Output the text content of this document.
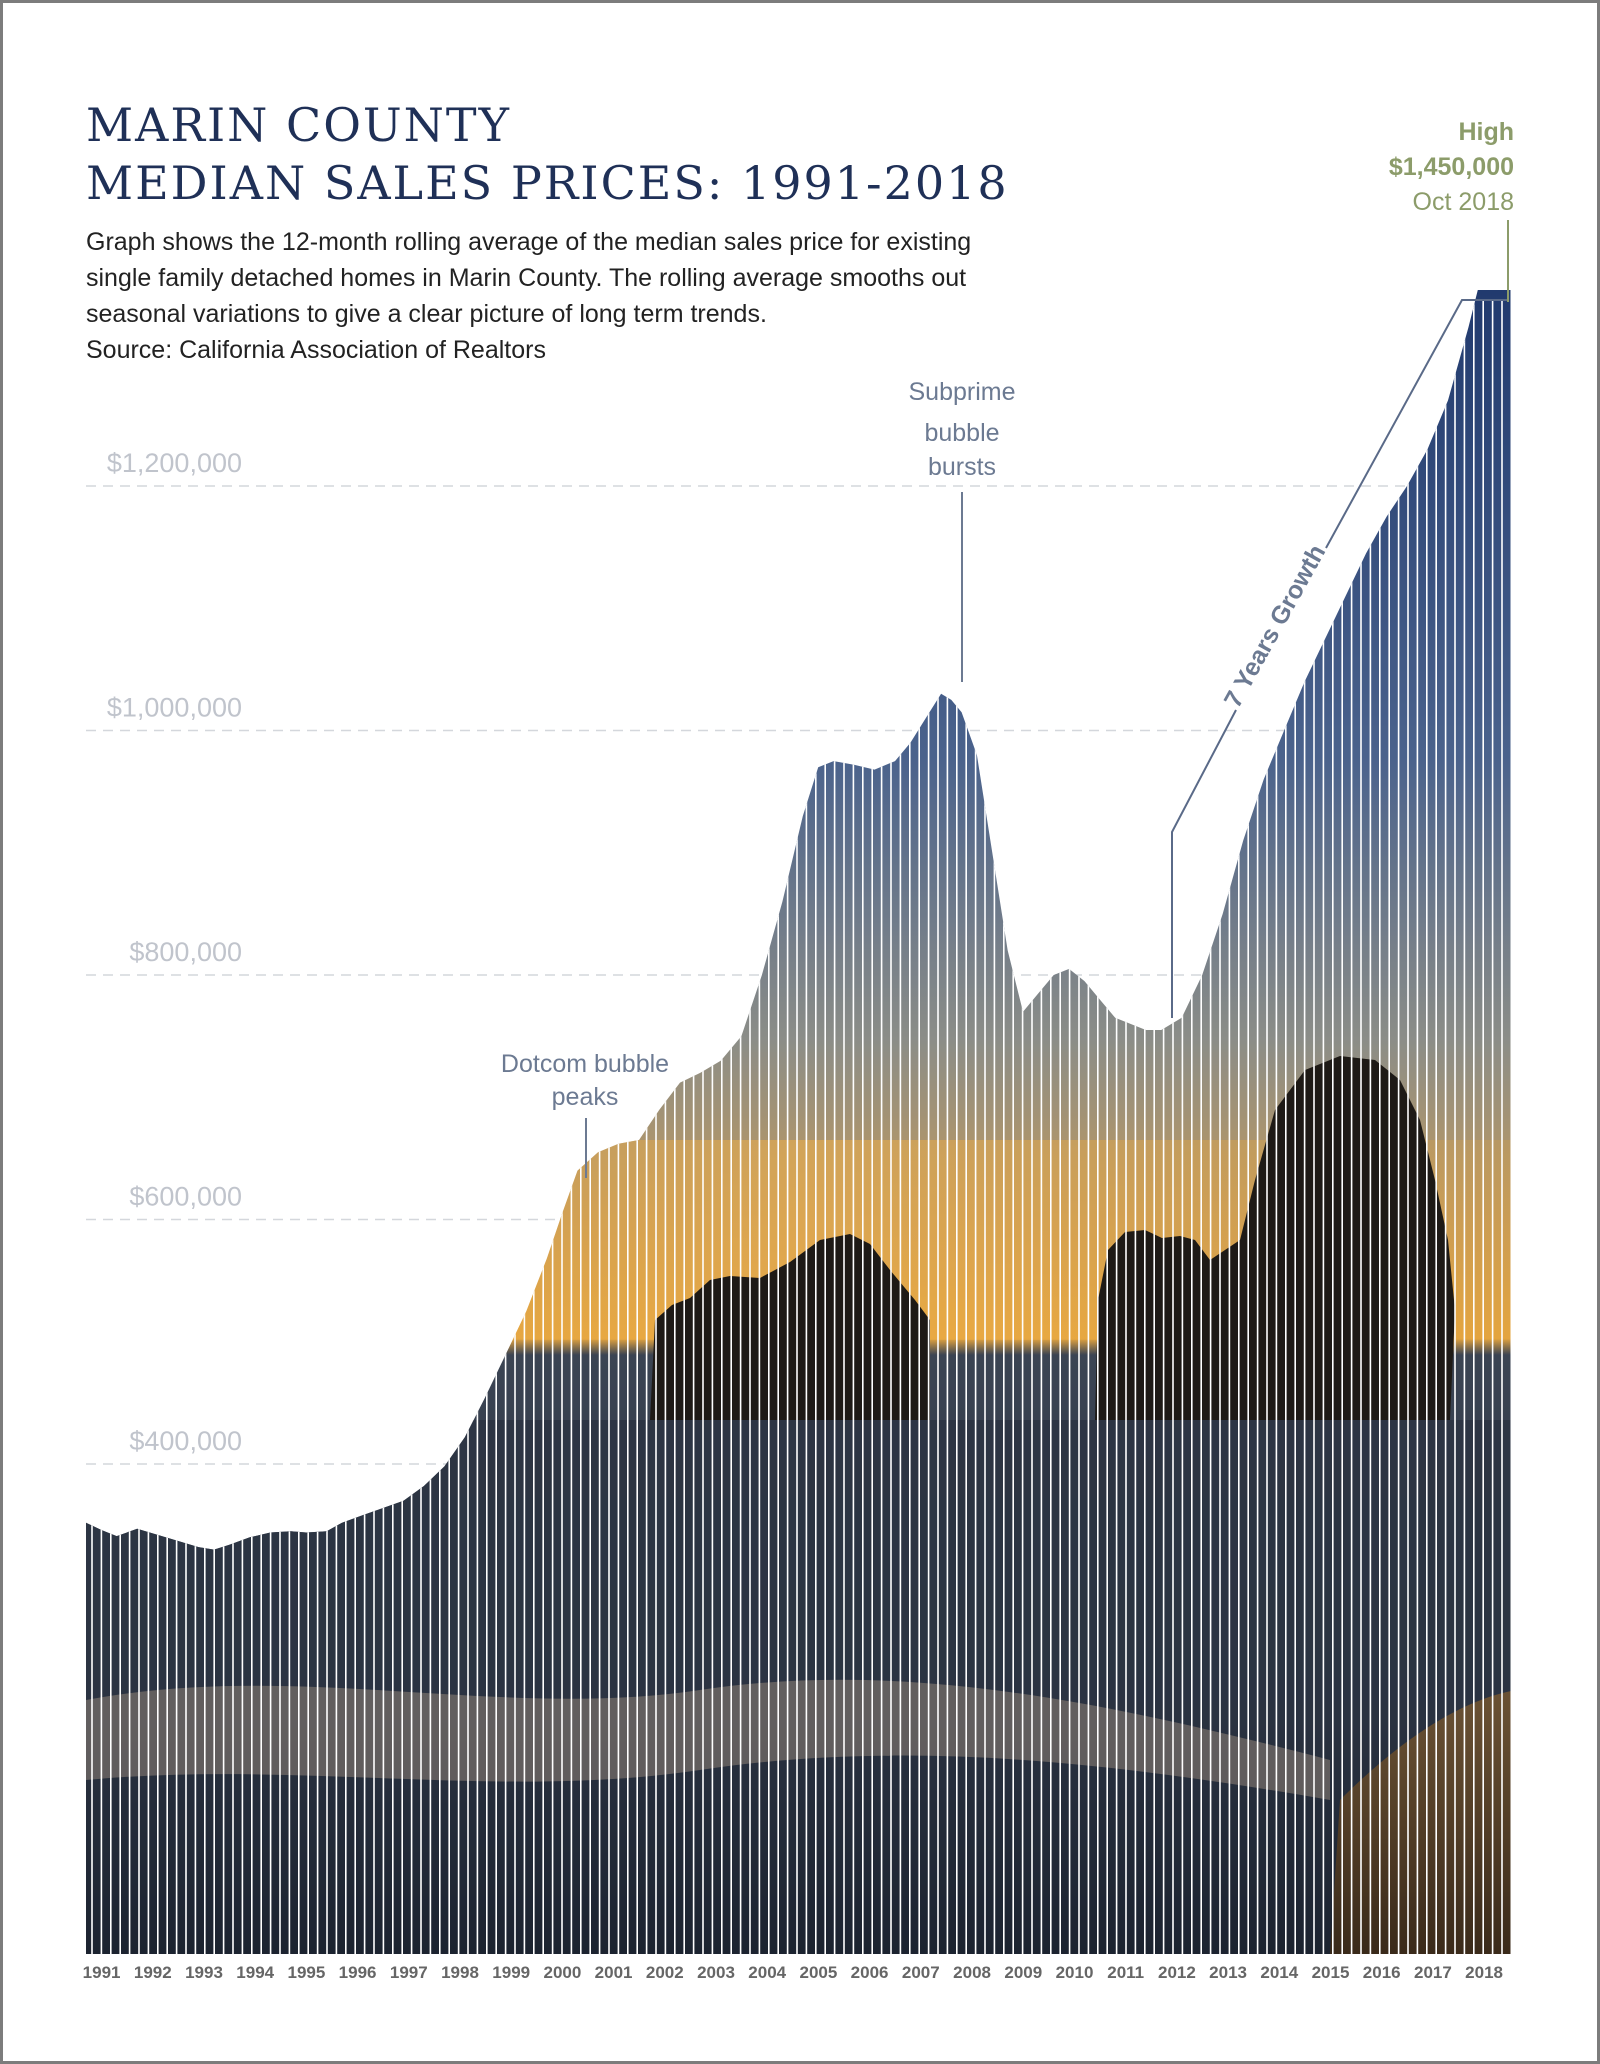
MARIN COUNTY
MEDIAN SALES PRICES: 1991-2018
Graph shows the 12-month rolling average of the median sales price for existing
single family detached homes in Marin County. The rolling average smooths out
seasonal variations to give a clear picture of long term trends.
Source: California Association of Realtors
$400,000
$600,000
$800,000
$1,000,000
$1,200,000
Dotcom bubble
peaks
Subprime
bubble
bursts
7 Years Growth
High
$1,450,000
Oct 2018
1991 1992 1993 1994 1995 1996 1997 1998 1999 2000 2001 2002 2003 2004 2005 2006 2007 2008 2009 2010 2011 2012 2013 2014 2015 2016 2017 2018
